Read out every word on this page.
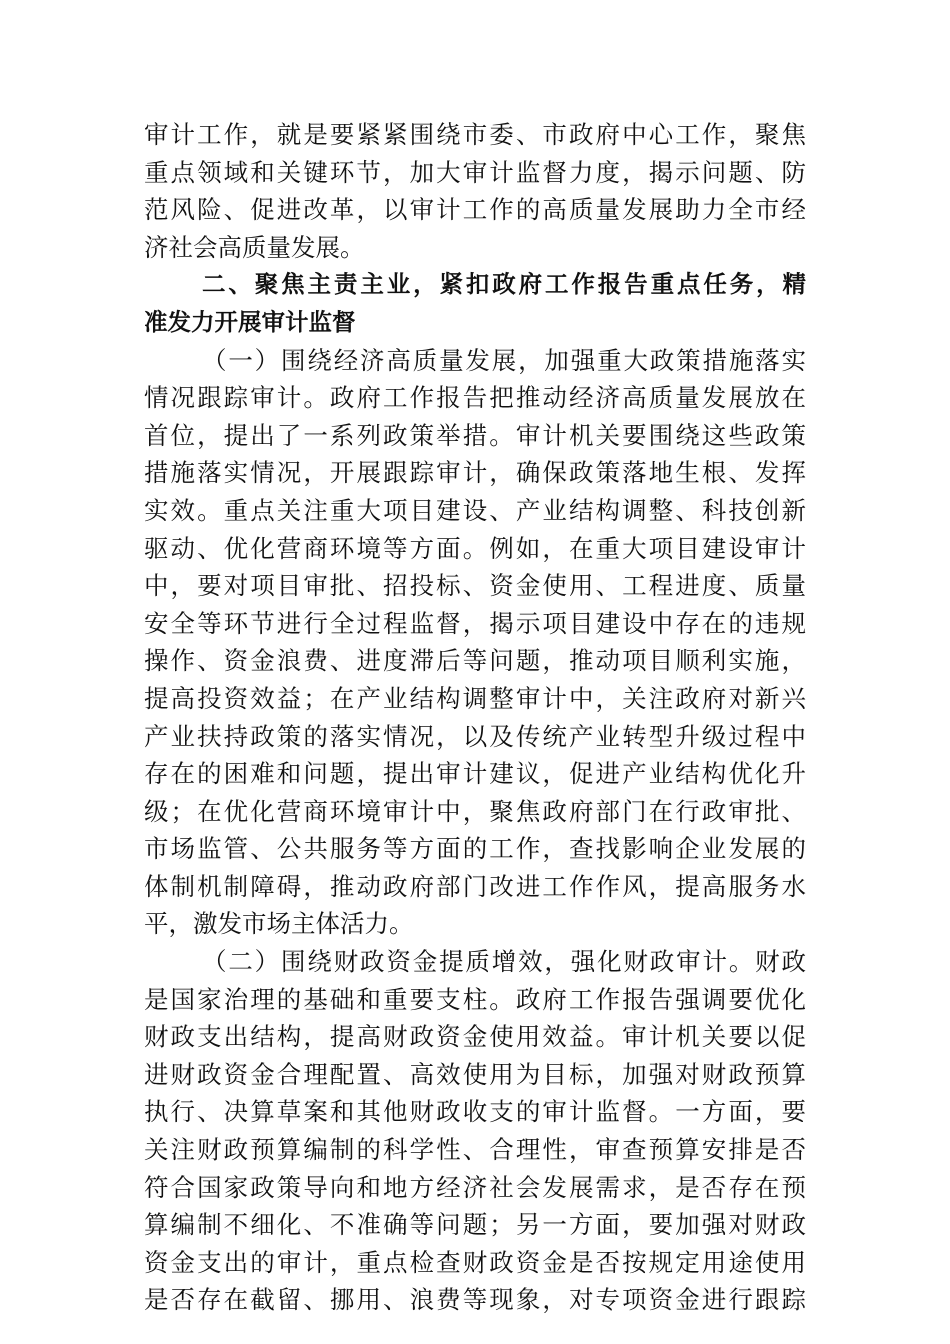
审计工作，就是要紧紧围绕市委、市政府中心工作，聚焦
重点领域和关键环节，加大审计监督力度，揭示问题、防
范风险、促进改革，以审计工作的高质量发展助力全市经
济社会高质量发展。
二、聚焦主责主业，紧扣政府工作报告重点任务，精
准发力开展审计监督
（一）围绕经济高质量发展，加强重大政策措施落实
情况跟踪审计。政府工作报告把推动经济高质量发展放在
首位，提出了一系列政策举措。审计机关要围绕这些政策
措施落实情况，开展跟踪审计，确保政策落地生根、发挥
实效。重点关注重大项目建设、产业结构调整、科技创新
驱动、优化营商环境等方面。例如，在重大项目建设审计
中，要对项目审批、招投标、资金使用、工程进度、质量
安全等环节进行全过程监督，揭示项目建设中存在的违规
操作、资金浪费、进度滞后等问题，推动项目顺利实施，
提高投资效益；在产业结构调整审计中，关注政府对新兴
产业扶持政策的落实情况，以及传统产业转型升级过程中
存在的困难和问题，提出审计建议，促进产业结构优化升
级；在优化营商环境审计中，聚焦政府部门在行政审批、
市场监管、公共服务等方面的工作，查找影响企业发展的
体制机制障碍，推动政府部门改进工作作风，提高服务水
平，激发市场主体活力。
（二）围绕财政资金提质增效，强化财政审计。财政
是国家治理的基础和重要支柱。政府工作报告强调要优化
财政支出结构，提高财政资金使用效益。审计机关要以促
进财政资金合理配置、高效使用为目标，加强对财政预算
执行、决算草案和其他财政收支的审计监督。一方面，要
关注财政预算编制的科学性、合理性，审查预算安排是否
符合国家政策导向和地方经济社会发展需求，是否存在预
算编制不细化、不准确等问题；另一方面，要加强对财政
资金支出的审计，重点检查财政资金是否按规定用途使用
是否存在截留、挪用、浪费等现象，对专项资金进行跟踪
